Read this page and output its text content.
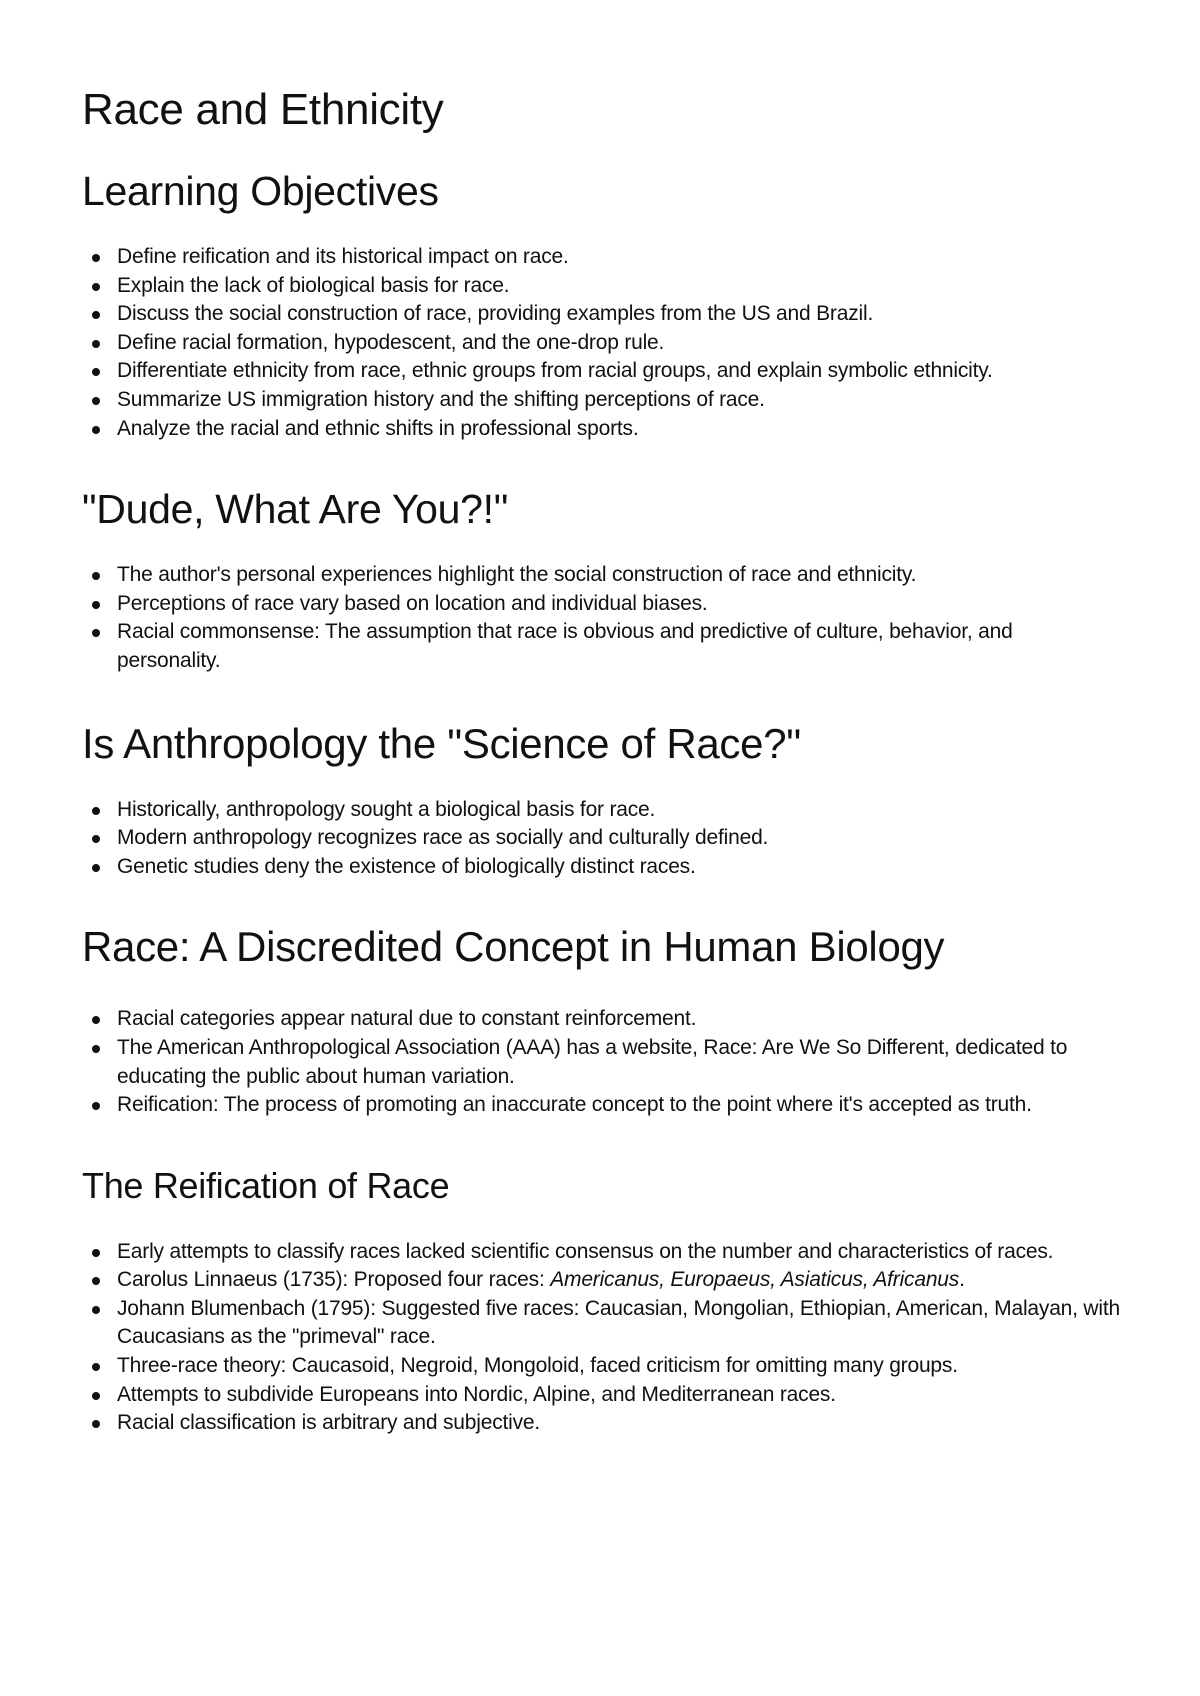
Race and Ethnicity
Learning Objectives
Define reification and its historical impact on race.
Explain the lack of biological basis for race.
Discuss the social construction of race, providing examples from the US and Brazil.
Define racial formation, hypodescent, and the one-drop rule.
Differentiate ethnicity from race, ethnic groups from racial groups, and explain symbolic ethnicity.
Summarize US immigration history and the shifting perceptions of race.
Analyze the racial and ethnic shifts in professional sports.
"Dude, What Are You?!"
The author's personal experiences highlight the social construction of race and ethnicity.
Perceptions of race vary based on location and individual biases.
Racial commonsense: The assumption that race is obvious and predictive of culture, behavior, and personality.
Is Anthropology the "Science of Race?"
Historically, anthropology sought a biological basis for race.
Modern anthropology recognizes race as socially and culturally defined.
Genetic studies deny the existence of biologically distinct races.
Race: A Discredited Concept in Human Biology
Racial categories appear natural due to constant reinforcement.
The American Anthropological Association (AAA) has a website, Race: Are We So Different, dedicated to educating the public about human variation.
Reification: The process of promoting an inaccurate concept to the point where it's accepted as truth.
The Reification of Race
Early attempts to classify races lacked scientific consensus on the number and characteristics of races.
Carolus Linnaeus (1735): Proposed four races: Americanus, Europaeus, Asiaticus, Africanus.
Johann Blumenbach (1795): Suggested five races: Caucasian, Mongolian, Ethiopian, American, Malayan, with Caucasians as the "primeval" race.
Three-race theory: Caucasoid, Negroid, Mongoloid, faced criticism for omitting many groups.
Attempts to subdivide Europeans into Nordic, Alpine, and Mediterranean races.
Racial classification is arbitrary and subjective.
